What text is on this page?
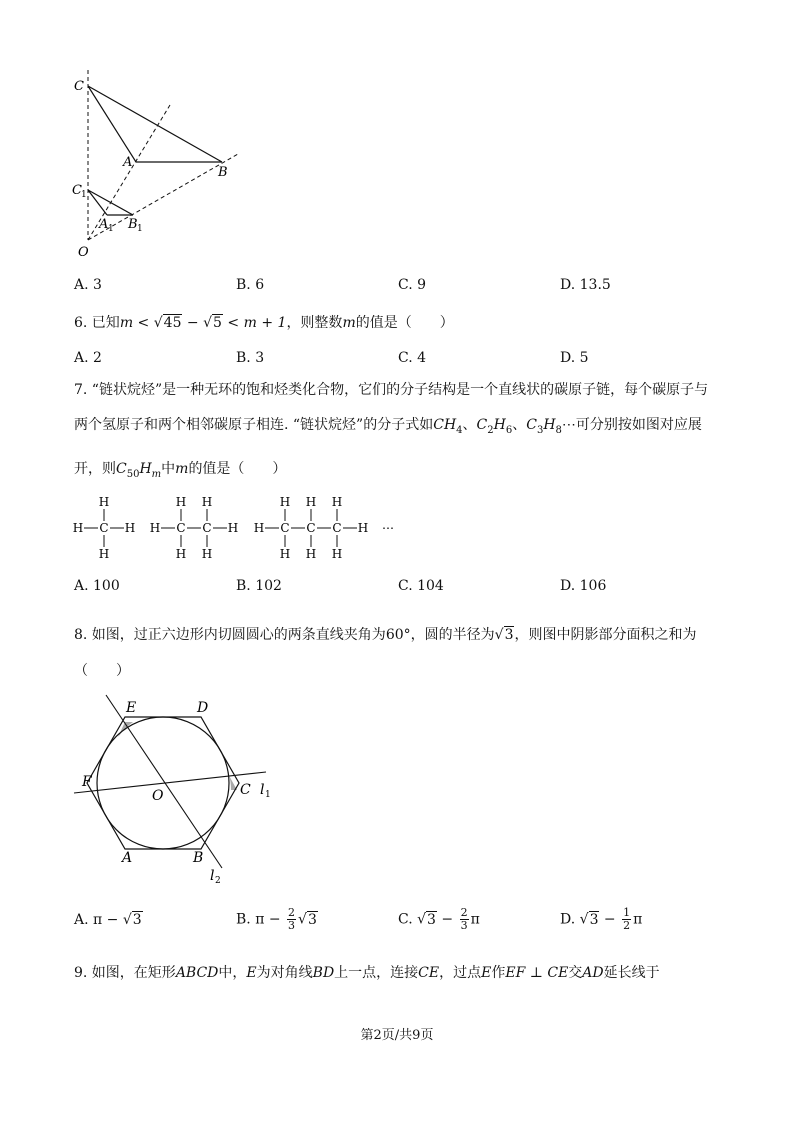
C
A
B
C 1
A 1 B 1
O
A. 3	B. 6	C. 9	D. 13.5
6. 已知m < √45 − √5 < m + 1，则整数m的值是（　　）
A. 2	B. 3	C. 4	D. 5
7. “链状烷烃”是一种无环的饱和烃类化合物，它们的分子结构是一个直线状的碳原子链，每个碳原子与
两个氢原子和两个相邻碳原子相连. “链状烷烃”的分子式如$CH_4$、$C_2H_6$、$C_3H_8\cdots$可分别按如图对应展
开，则$C_{50}H_m$中m的值是（　　）
H
H C H
H
H H
H C C H
H H
H H H
H C C C H
H H H
⋯
A. 100	B. 102	C. 104	D. 106
8. 如图，过正六边形内切圆圆心的两条直线夹角为60°，圆的半径为√3，则图中阴影部分面积之和为
（　　）
E	D
F
O	C l
A	B
l
1
2
A. π − √3	B. $\pi - \frac{2}{3} √3$	C. $√3 - \frac{2}{3}$ π	D. $√3 - \frac{1}{2}$ π
9. 如图，在矩形ABCD中，E为对角线BD上一点，连接CE，过点E作EF ⊥ CE交AD延长线于
第2页/共9页
